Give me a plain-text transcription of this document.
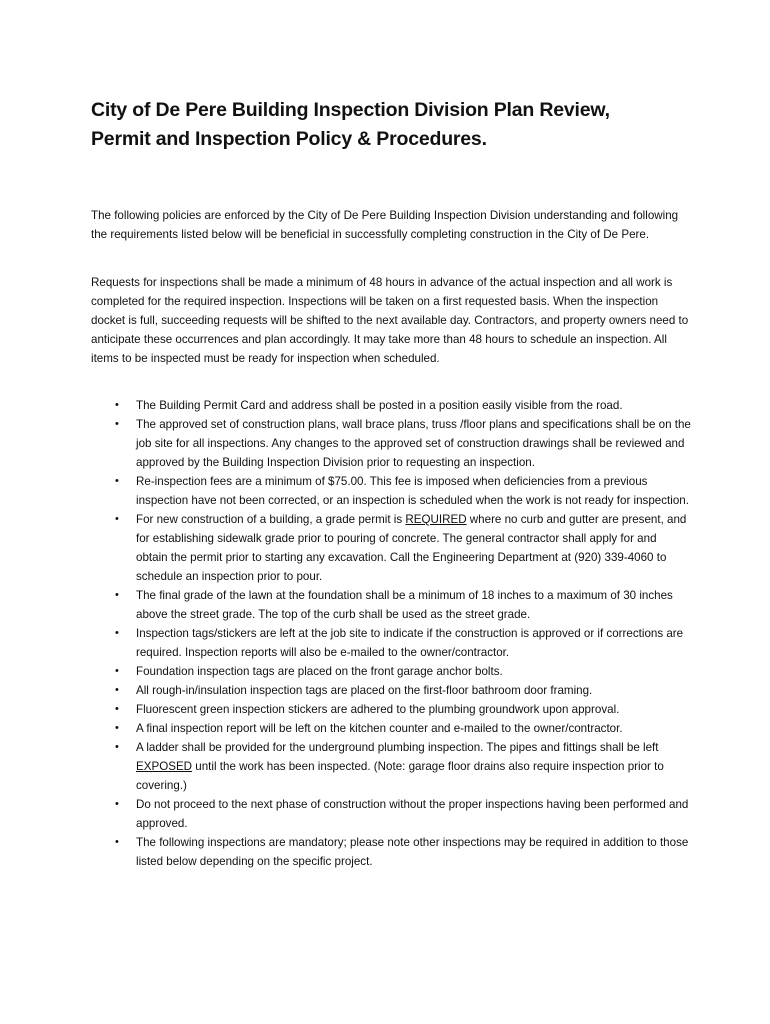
City of De Pere Building Inspection Division Plan Review,
Permit and Inspection Policy & Procedures.

The following policies are enforced by the City of De Pere Building Inspection Division understanding and following the requirements listed below will be beneficial in successfully completing construction in the City of De Pere.

Requests for inspections shall be made a minimum of 48 hours in advance of the actual inspection and all work is completed for the required inspection. Inspections will be taken on a first requested basis. When the inspection docket is full, succeeding requests will be shifted to the next available day. Contractors, and property owners need to anticipate these occurrences and plan accordingly. It may take more than 48 hours to schedule an inspection. All items to be inspected must be ready for inspection when scheduled.

• The Building Permit Card and address shall be posted in a position easily visible from the road.
• The approved set of construction plans, wall brace plans, truss /floor plans and specifications shall be on the job site for all inspections. Any changes to the approved set of construction drawings shall be reviewed and approved by the Building Inspection Division prior to requesting an inspection.
• Re-inspection fees are a minimum of $75.00. This fee is imposed when deficiencies from a previous inspection have not been corrected, or an inspection is scheduled when the work is not ready for inspection.
• For new construction of a building, a grade permit is REQUIRED where no curb and gutter are present, and for establishing sidewalk grade prior to pouring of concrete. The general contractor shall apply for and obtain the permit prior to starting any excavation. Call the Engineering Department at (920) 339-4060 to schedule an inspection prior to pour.
• The final grade of the lawn at the foundation shall be a minimum of 18 inches to a maximum of 30 inches above the street grade. The top of the curb shall be used as the street grade.
• Inspection tags/stickers are left at the job site to indicate if the construction is approved or if corrections are required. Inspection reports will also be e-mailed to the owner/contractor.
• Foundation inspection tags are placed on the front garage anchor bolts.
• All rough-in/insulation inspection tags are placed on the first-floor bathroom door framing.
• Fluorescent green inspection stickers are adhered to the plumbing groundwork upon approval.
• A final inspection report will be left on the kitchen counter and e-mailed to the owner/contractor.
• A ladder shall be provided for the underground plumbing inspection. The pipes and fittings shall be left EXPOSED until the work has been inspected. (Note: garage floor drains also require inspection prior to covering.)
• Do not proceed to the next phase of construction without the proper inspections having been performed and approved.
• The following inspections are mandatory; please note other inspections may be required in addition to those listed below depending on the specific project.
